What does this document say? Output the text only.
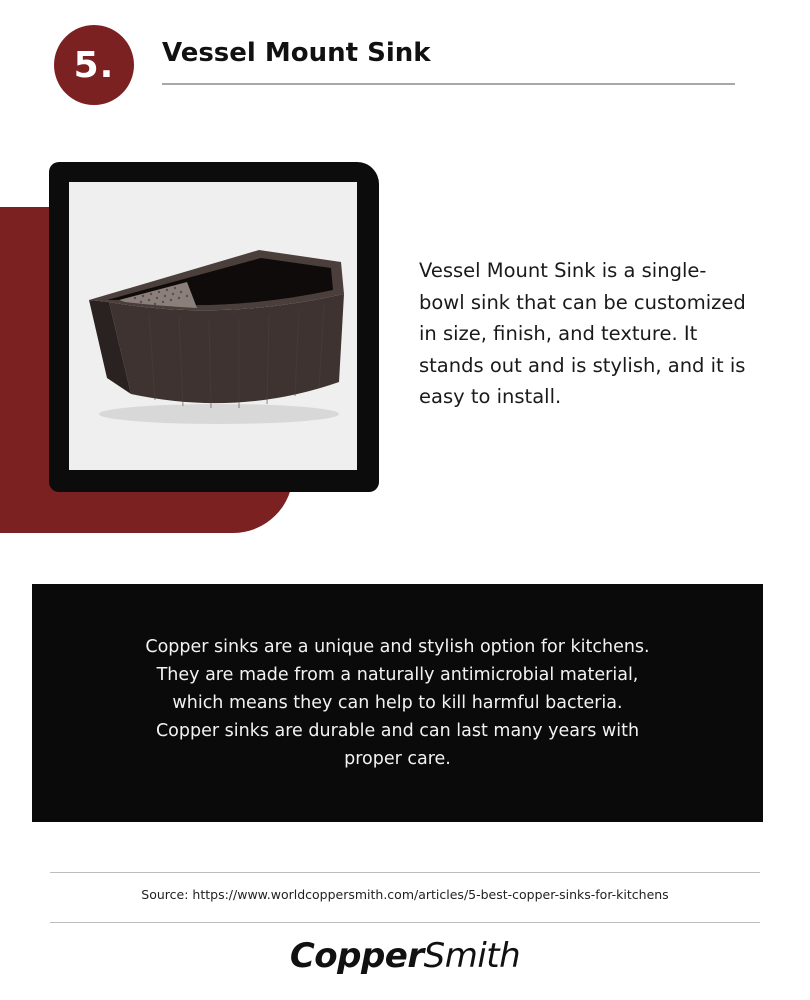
5. Vessel Mount Sink
Vessel Mount Sink is a single-bowl sink that can be customized in size, finish, and texture. It stands out and is stylish, and it is easy to install.
Copper sinks are a unique and stylish option for kitchens. They are made from a naturally antimicrobial material, which means they can help to kill harmful bacteria. Copper sinks are durable and can last many years with proper care.
Source: https://www.worldcoppersmith.com/articles/5-best-copper-sinks-for-kitchens
CopperSmith
